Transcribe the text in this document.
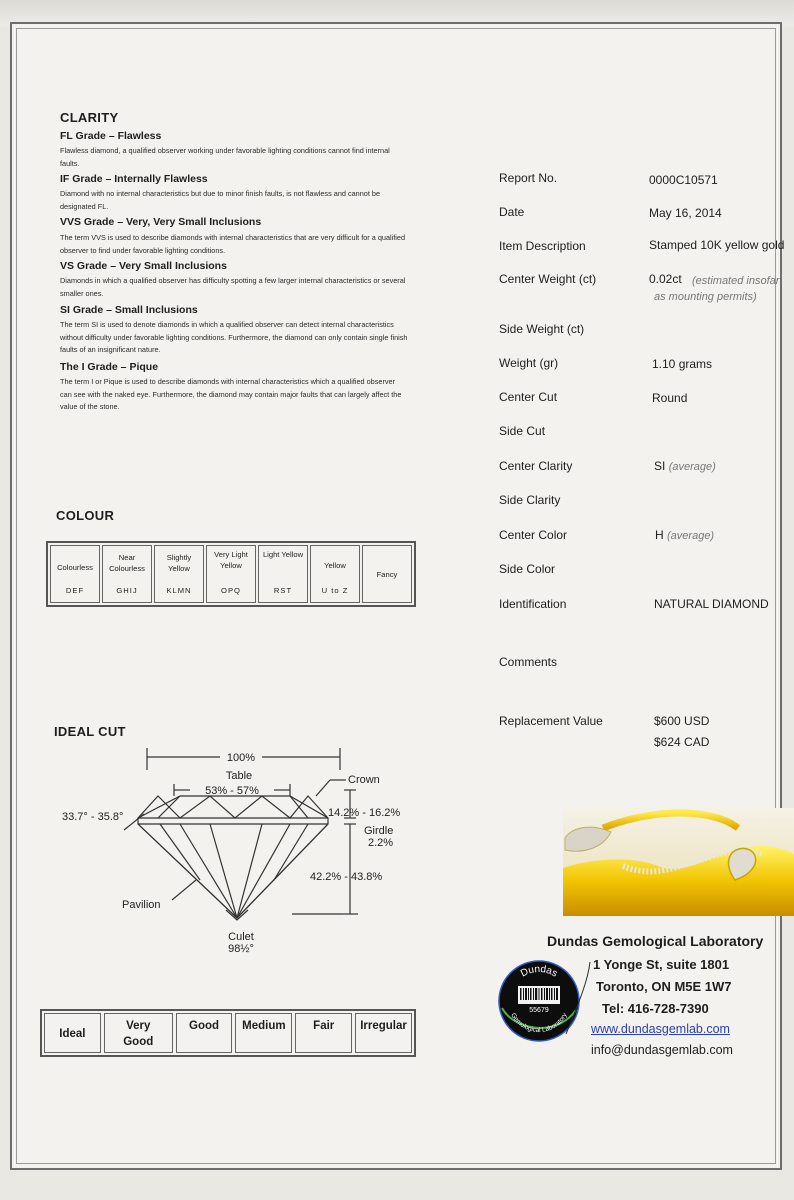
CLARITY
FL Grade – Flawless
Flawless diamond, a qualified observer working under favorable lighting conditions cannot find internal faults.
IF Grade – Internally Flawless
Diamond with no internal characteristics but due to minor finish faults, is not flawless and cannot be designated FL.
VVS Grade – Very, Very Small Inclusions
The term VVS is used to describe diamonds with internal characteristics that are very difficult for a qualified observer to find under favorable lighting conditions.
VS Grade – Very Small Inclusions
Diamonds in which a qualified observer has difficulty spotting a few larger internal characteristics or several smaller ones.
SI Grade – Small Inclusions
The term SI is used to denote diamonds in which a qualified observer can detect internal characteristics without difficulty under favorable lighting conditions. Furthermore, the diamond can only contain single finish faults of an insignificant nature.
The I Grade – Pique
The term I or Pique is used to describe diamonds with internal characteristics which a qualified observer can see with the naked eye. Furthermore, the diamond may contain major faults that can largely affect the value of the stone.
COLOUR
Colourless
DEF
Near Colourless
GHIJ
Slightly Yellow
KLMN
Very Light Yellow
OPQ
Light Yellow
RST
Yellow
U to Z
Fancy
IDEAL CUT
100%
Table
53% - 57%
Crown
33.7° - 35.8°	14.2% - 16.2%
Girdle
2.2%
42.2% - 43.8%
Pavilion
Culet
98½°
Ideal
Very Good
Good	Medium	Fair	Irregular
Report No.	0000C10571
Date	May 16, 2014
Item Description	Stamped 10K yellow gold
Center Weight (ct)	0.02ct (estimated insofar as mounting permits)
Side Weight (ct)
Weight (gr)	1.10 grams
Center Cut	Round
Side Cut
Center Clarity	SI (average)
Side Clarity
Center Color	H (average)
Side Color
Identification	NATURAL DIAMOND
Comments
Replacement Value	$600 USD
$624 CAD
Dundas Gemological Laboratory
1 Yonge St, suite 1801
Toronto, ON M5E 1W7
Tel: 416-728-7390
www.dundasgemlab.com
info@dundasgemlab.com
55679
Dundas
Gemological Laboratory
